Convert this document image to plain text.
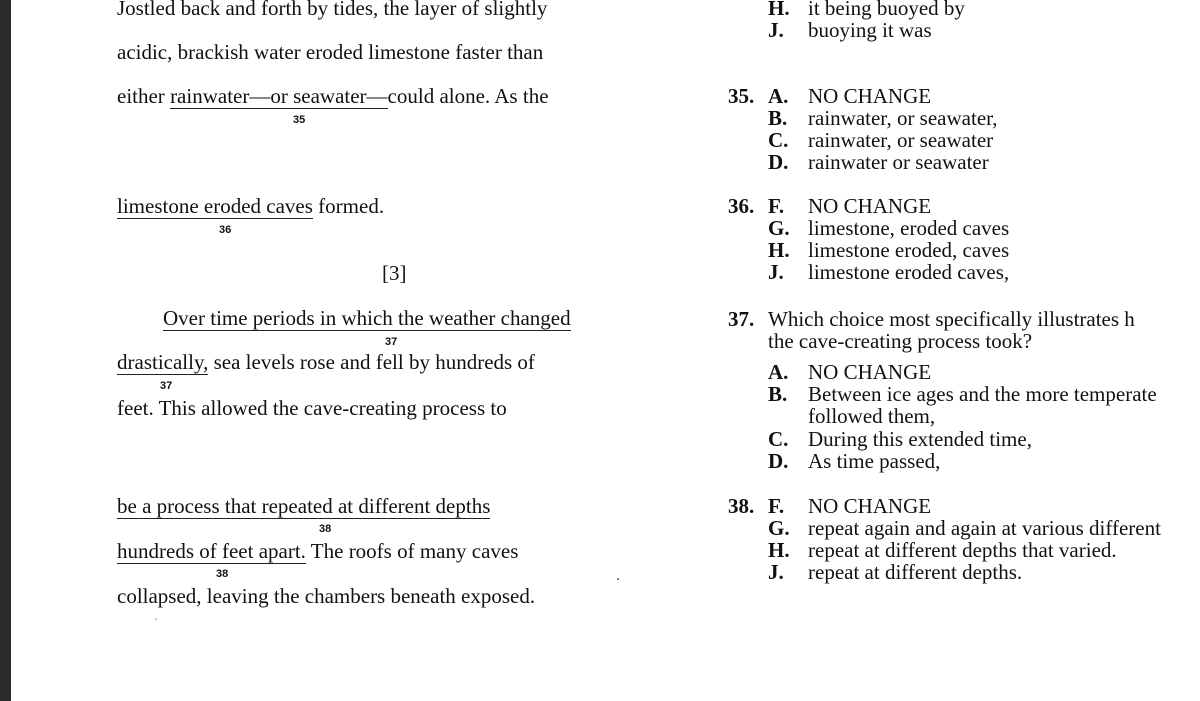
Jostled back and forth by tides, the layer of slightly
acidic, brackish water eroded limestone faster than
either rainwater—or seawater—could alone. As the
35
limestone eroded caves formed.
36
[3]
Over time periods in which the weather changed
37
drastically, sea levels rose and fell by hundreds of
37
feet. This allowed the cave-creating process to
be a process that repeated at different depths
38
hundreds of feet apart. The roofs of many caves
38
collapsed, leaving the chambers beneath exposed.
H. it being buoyed by
J.	buoying it was
35. A. NO CHANGE
B. rainwater, or seawater,
C. rainwater, or seawater
D. rainwater or seawater
36. F.	NO CHANGE
G. limestone, eroded caves
H. limestone eroded, caves
J.	limestone eroded caves,
37. Which choice most specifically illustrates h
the cave-creating process took?
A. NO CHANGE
B. Between ice ages and the more temperate
followed them,
C. During this extended time,
D. As time passed,
38. F.	NO CHANGE
G. repeat again and again at various different
H. repeat at different depths that varied.
J.	repeat at different depths.
